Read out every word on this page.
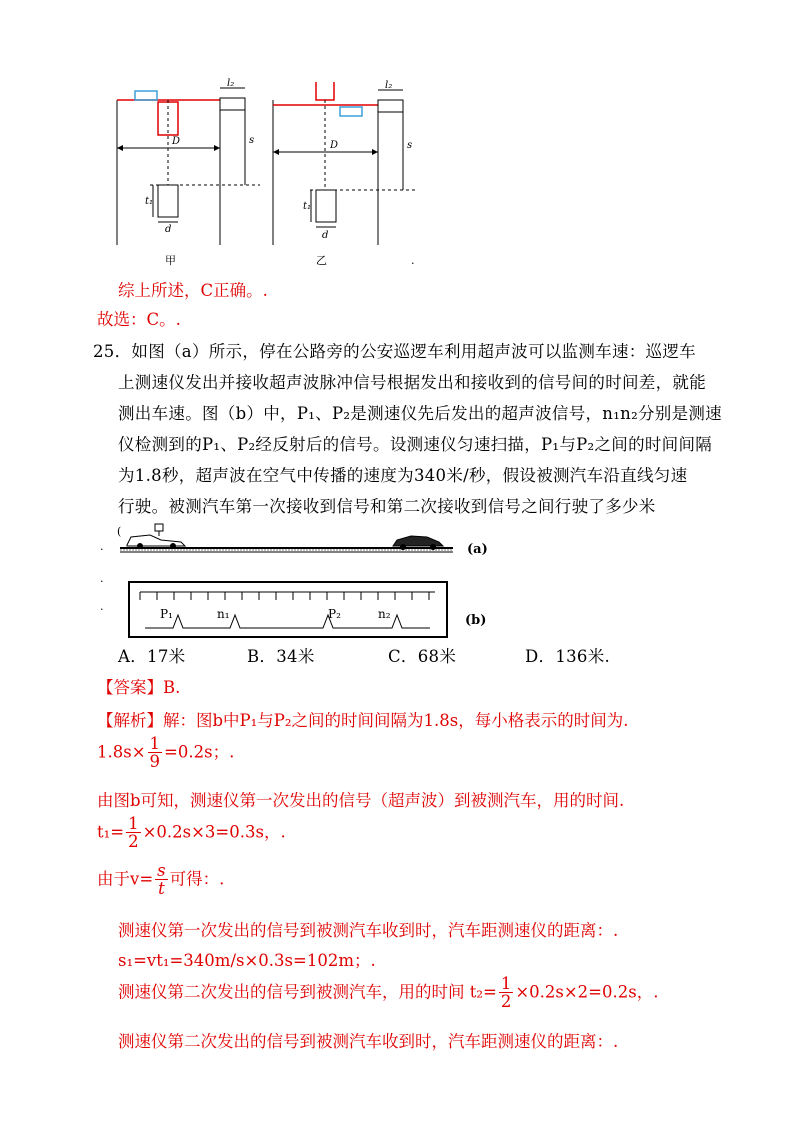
l₂
s
D
t₁
d
l₂
s
D
t₁
d
甲	乙	.
综上所述，C正确。.
故选：C。.
25．如图（a）所示，停在公路旁的公安巡逻车利用超声波可以监测车速：巡逻车
上测速仪发出并接收超声波脉冲信号根据发出和接收到的信号间的时间差，就能
测出车速。图（b）中，P₁、P₂是测速仪先后发出的超声波信号，n₁n₂分别是测速
仪检测到的P₁、P₂经反射后的信号。设测速仪匀速扫描，P₁与P₂之间的时间间隔
为1.8秒，超声波在空气中传播的速度为340米/秒，假设被测汽车沿直线匀速
行驶。被测汽车第一次接收到信号和第二次接收到信号之间行驶了多少米
(
(a)
.
.
.
P₁	n₁	P₂	n₂	(b)
A．17米	B．34米	C．68米	D．136米.
【答案】B.
【解析】解：图b中P₁与P₂之间的时间间隔为1.8s，每小格表示的时间为.
$1.8s\times \frac{1}{9} =0.2s$；.
由图b可知，测速仪第一次发出的信号（超声波）到被测汽车，用的时间.
$t_1= \frac{1}{2} \times 0.2s\times 3=0.3s$，.
由于$v= \frac{s}{t}$ 可得：.
测速仪第一次发出的信号到被测汽车收到时，汽车距测速仪的距离：.
s₁=vt₁=340m/s×0.3s=102m；.
测速仪第二次发出的信号到被测汽车，用的时间 $t_2= \frac{1}{2} \times 0.2s\times 2=0.2s$，.
测速仪第二次发出的信号到被测汽车收到时，汽车距测速仪的距离：.
